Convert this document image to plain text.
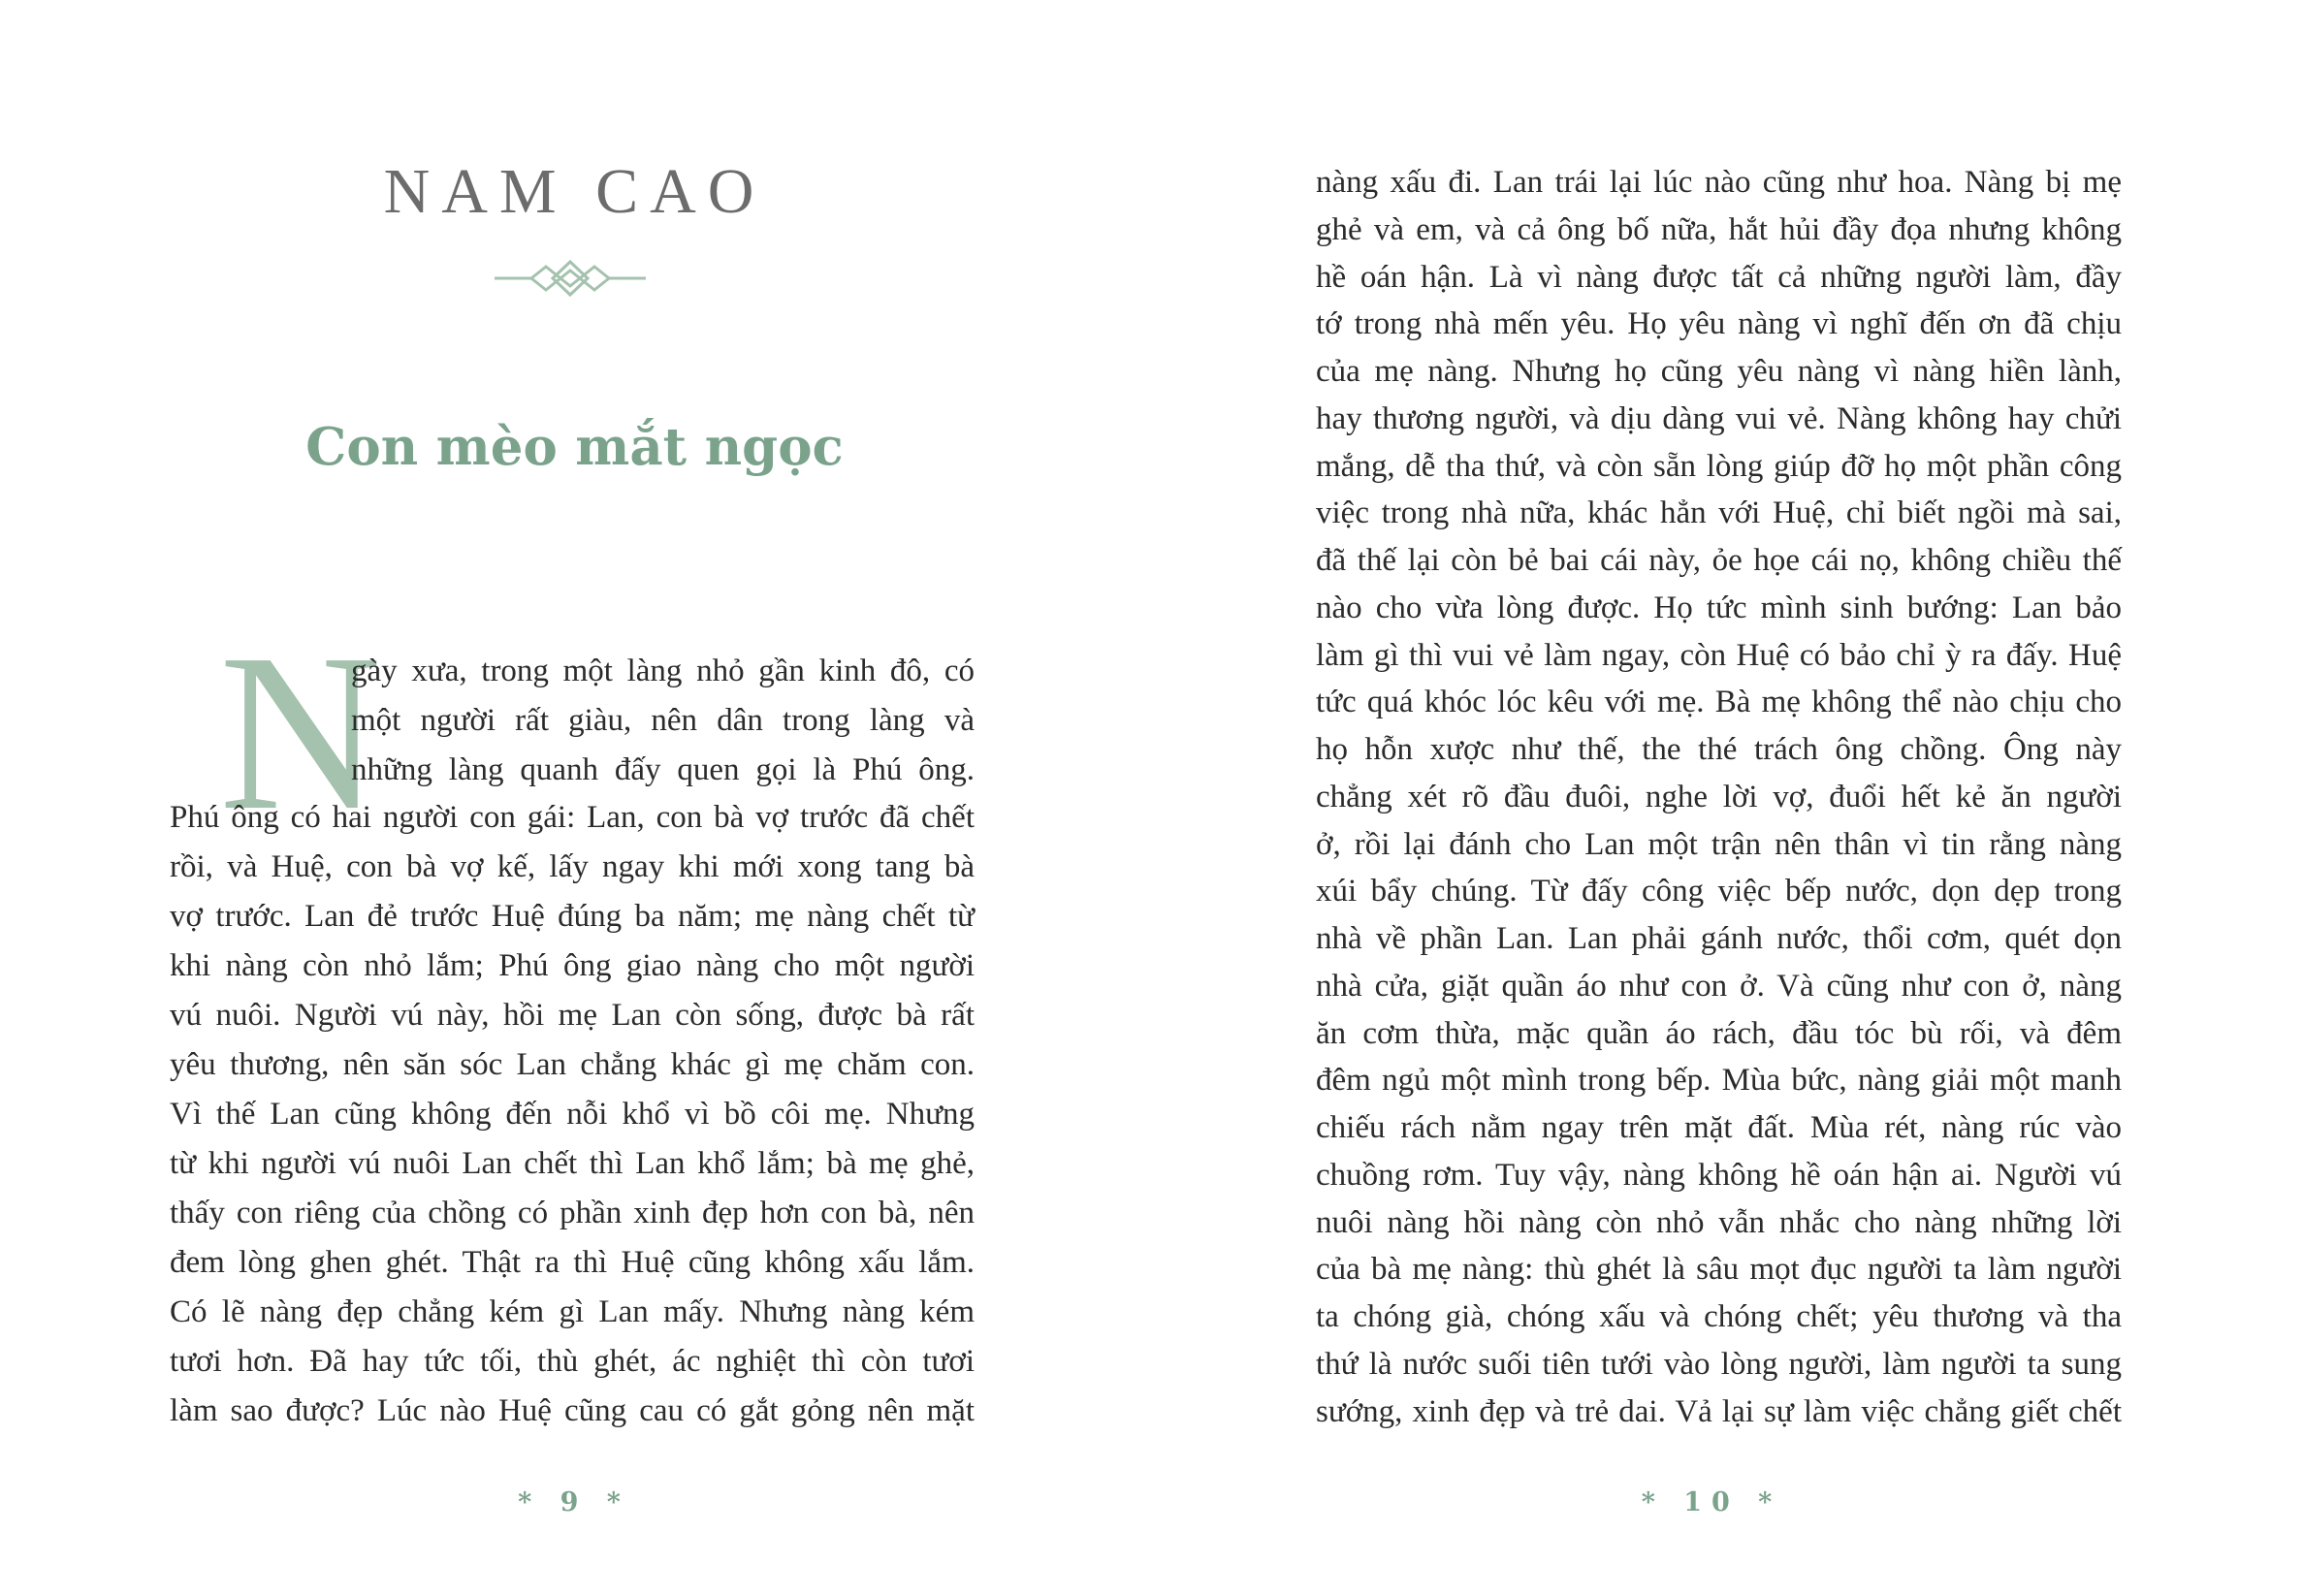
NAM CAO
Con mèo mắt ngọc
N
gày xưa, trong một làng nhỏ gần kinh đô, có
một người rất giàu, nên dân trong làng và
những làng quanh đấy quen gọi là Phú ông.
Phú ông có hai người con gái: Lan, con bà vợ trước đã chết
rồi, và Huệ, con bà vợ kế, lấy ngay khi mới xong tang bà
vợ trước. Lan đẻ trước Huệ đúng ba năm; mẹ nàng chết từ
khi nàng còn nhỏ lắm; Phú ông giao nàng cho một người
vú nuôi. Người vú này, hồi mẹ Lan còn sống, được bà rất
yêu thương, nên săn sóc Lan chẳng khác gì mẹ chăm con.
Vì thế Lan cũng không đến nỗi khổ vì bồ côi mẹ. Nhưng
từ khi người vú nuôi Lan chết thì Lan khổ lắm; bà mẹ ghẻ,
thấy con riêng của chồng có phần xinh đẹp hơn con bà, nên
đem lòng ghen ghét. Thật ra thì Huệ cũng không xấu lắm.
Có lẽ nàng đẹp chẳng kém gì Lan mấy. Nhưng nàng kém
tươi hơn. Đã hay tức tối, thù ghét, ác nghiệt thì còn tươi
làm sao được? Lúc nào Huệ cũng cau có gắt gỏng nên mặt
* 9 *
nàng xấu đi. Lan trái lại lúc nào cũng như hoa. Nàng bị mẹ
ghẻ và em, và cả ông bố nữa, hắt hủi đầy đọa nhưng không
hề oán hận. Là vì nàng được tất cả những người làm, đầy
tớ trong nhà mến yêu. Họ yêu nàng vì nghĩ đến ơn đã chịu
của mẹ nàng. Nhưng họ cũng yêu nàng vì nàng hiền lành,
hay thương người, và dịu dàng vui vẻ. Nàng không hay chửi
mắng, dễ tha thứ, và còn sẵn lòng giúp đỡ họ một phần công
việc trong nhà nữa, khác hẳn với Huệ, chỉ biết ngồi mà sai,
đã thế lại còn bẻ bai cái này, ỏe họe cái nọ, không chiều thế
nào cho vừa lòng được. Họ tức mình sinh bướng: Lan bảo
làm gì thì vui vẻ làm ngay, còn Huệ có bảo chỉ ỳ ra đấy. Huệ
tức quá khóc lóc kêu với mẹ. Bà mẹ không thể nào chịu cho
họ hỗn xược như thế, the thé trách ông chồng. Ông này
chẳng xét rõ đầu đuôi, nghe lời vợ, đuổi hết kẻ ăn người
ở, rồi lại đánh cho Lan một trận nên thân vì tin rằng nàng
xúi bẩy chúng. Từ đấy công việc bếp nước, dọn dẹp trong
nhà về phần Lan. Lan phải gánh nước, thổi cơm, quét dọn
nhà cửa, giặt quần áo như con ở. Và cũng như con ở, nàng
ăn cơm thừa, mặc quần áo rách, đầu tóc bù rối, và đêm
đêm ngủ một mình trong bếp. Mùa bức, nàng giải một manh
chiếu rách nằm ngay trên mặt đất. Mùa rét, nàng rúc vào
chuồng rơm. Tuy vậy, nàng không hề oán hận ai. Người vú
nuôi nàng hồi nàng còn nhỏ vẫn nhắc cho nàng những lời
của bà mẹ nàng: thù ghét là sâu mọt đục người ta làm người
ta chóng già, chóng xấu và chóng chết; yêu thương và tha
thứ là nước suối tiên tưới vào lòng người, làm người ta sung
sướng, xinh đẹp và trẻ dai. Vả lại sự làm việc chẳng giết chết
* 10 *
